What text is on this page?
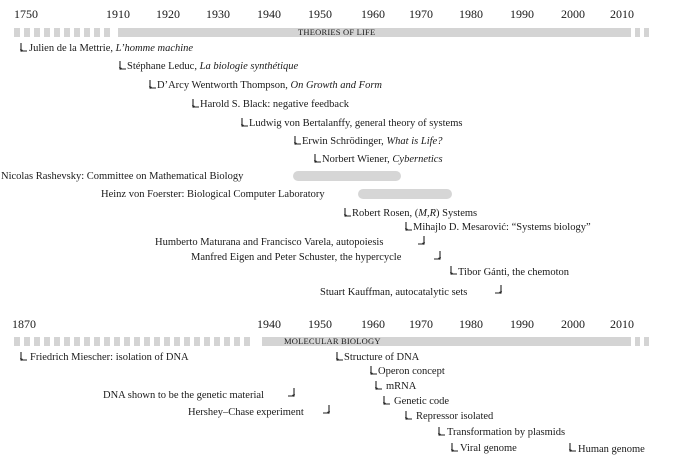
1750	1910 1920 1930 1940 1950 1960 1970 1980 1990 2000 2010
THEORIES OF LIFE
Julien de la Mettrie, L’homme machine
Stéphane Leduc, La biologie synthétique
D’Arcy Wentworth Thompson, On Growth and Form
Harold S. Black: negative feedback
Ludwig von Bertalanffy, general theory of systems
Erwin Schrödinger, What is Life?
Norbert Wiener, Cybernetics
Nicolas Rashevsky: Committee on Mathematical Biology
Heinz von Foerster: Biological Computer Laboratory
Robert Rosen, (M,R) Systems
Mihajlo D. Mesarović: “Systems biology”
Humberto Maturana and Francisco Varela, autopoiesis
Manfred Eigen and Peter Schuster, the hypercycle
Tibor Gánti, the chemoton
Stuart Kauffman, autocatalytic sets
1870	1940 1950 1960 1970 1980 1990 2000 2010
MOLECULAR BIOLOGY
Friedrich Miescher: isolation of DNA	Structure of DNA
Operon concept
mRNA
Genetic code
DNA shown to be the genetic material
Hershey–Chase experiment	Repressor isolated
Transformation by plasmids
Viral genome	Human genome
